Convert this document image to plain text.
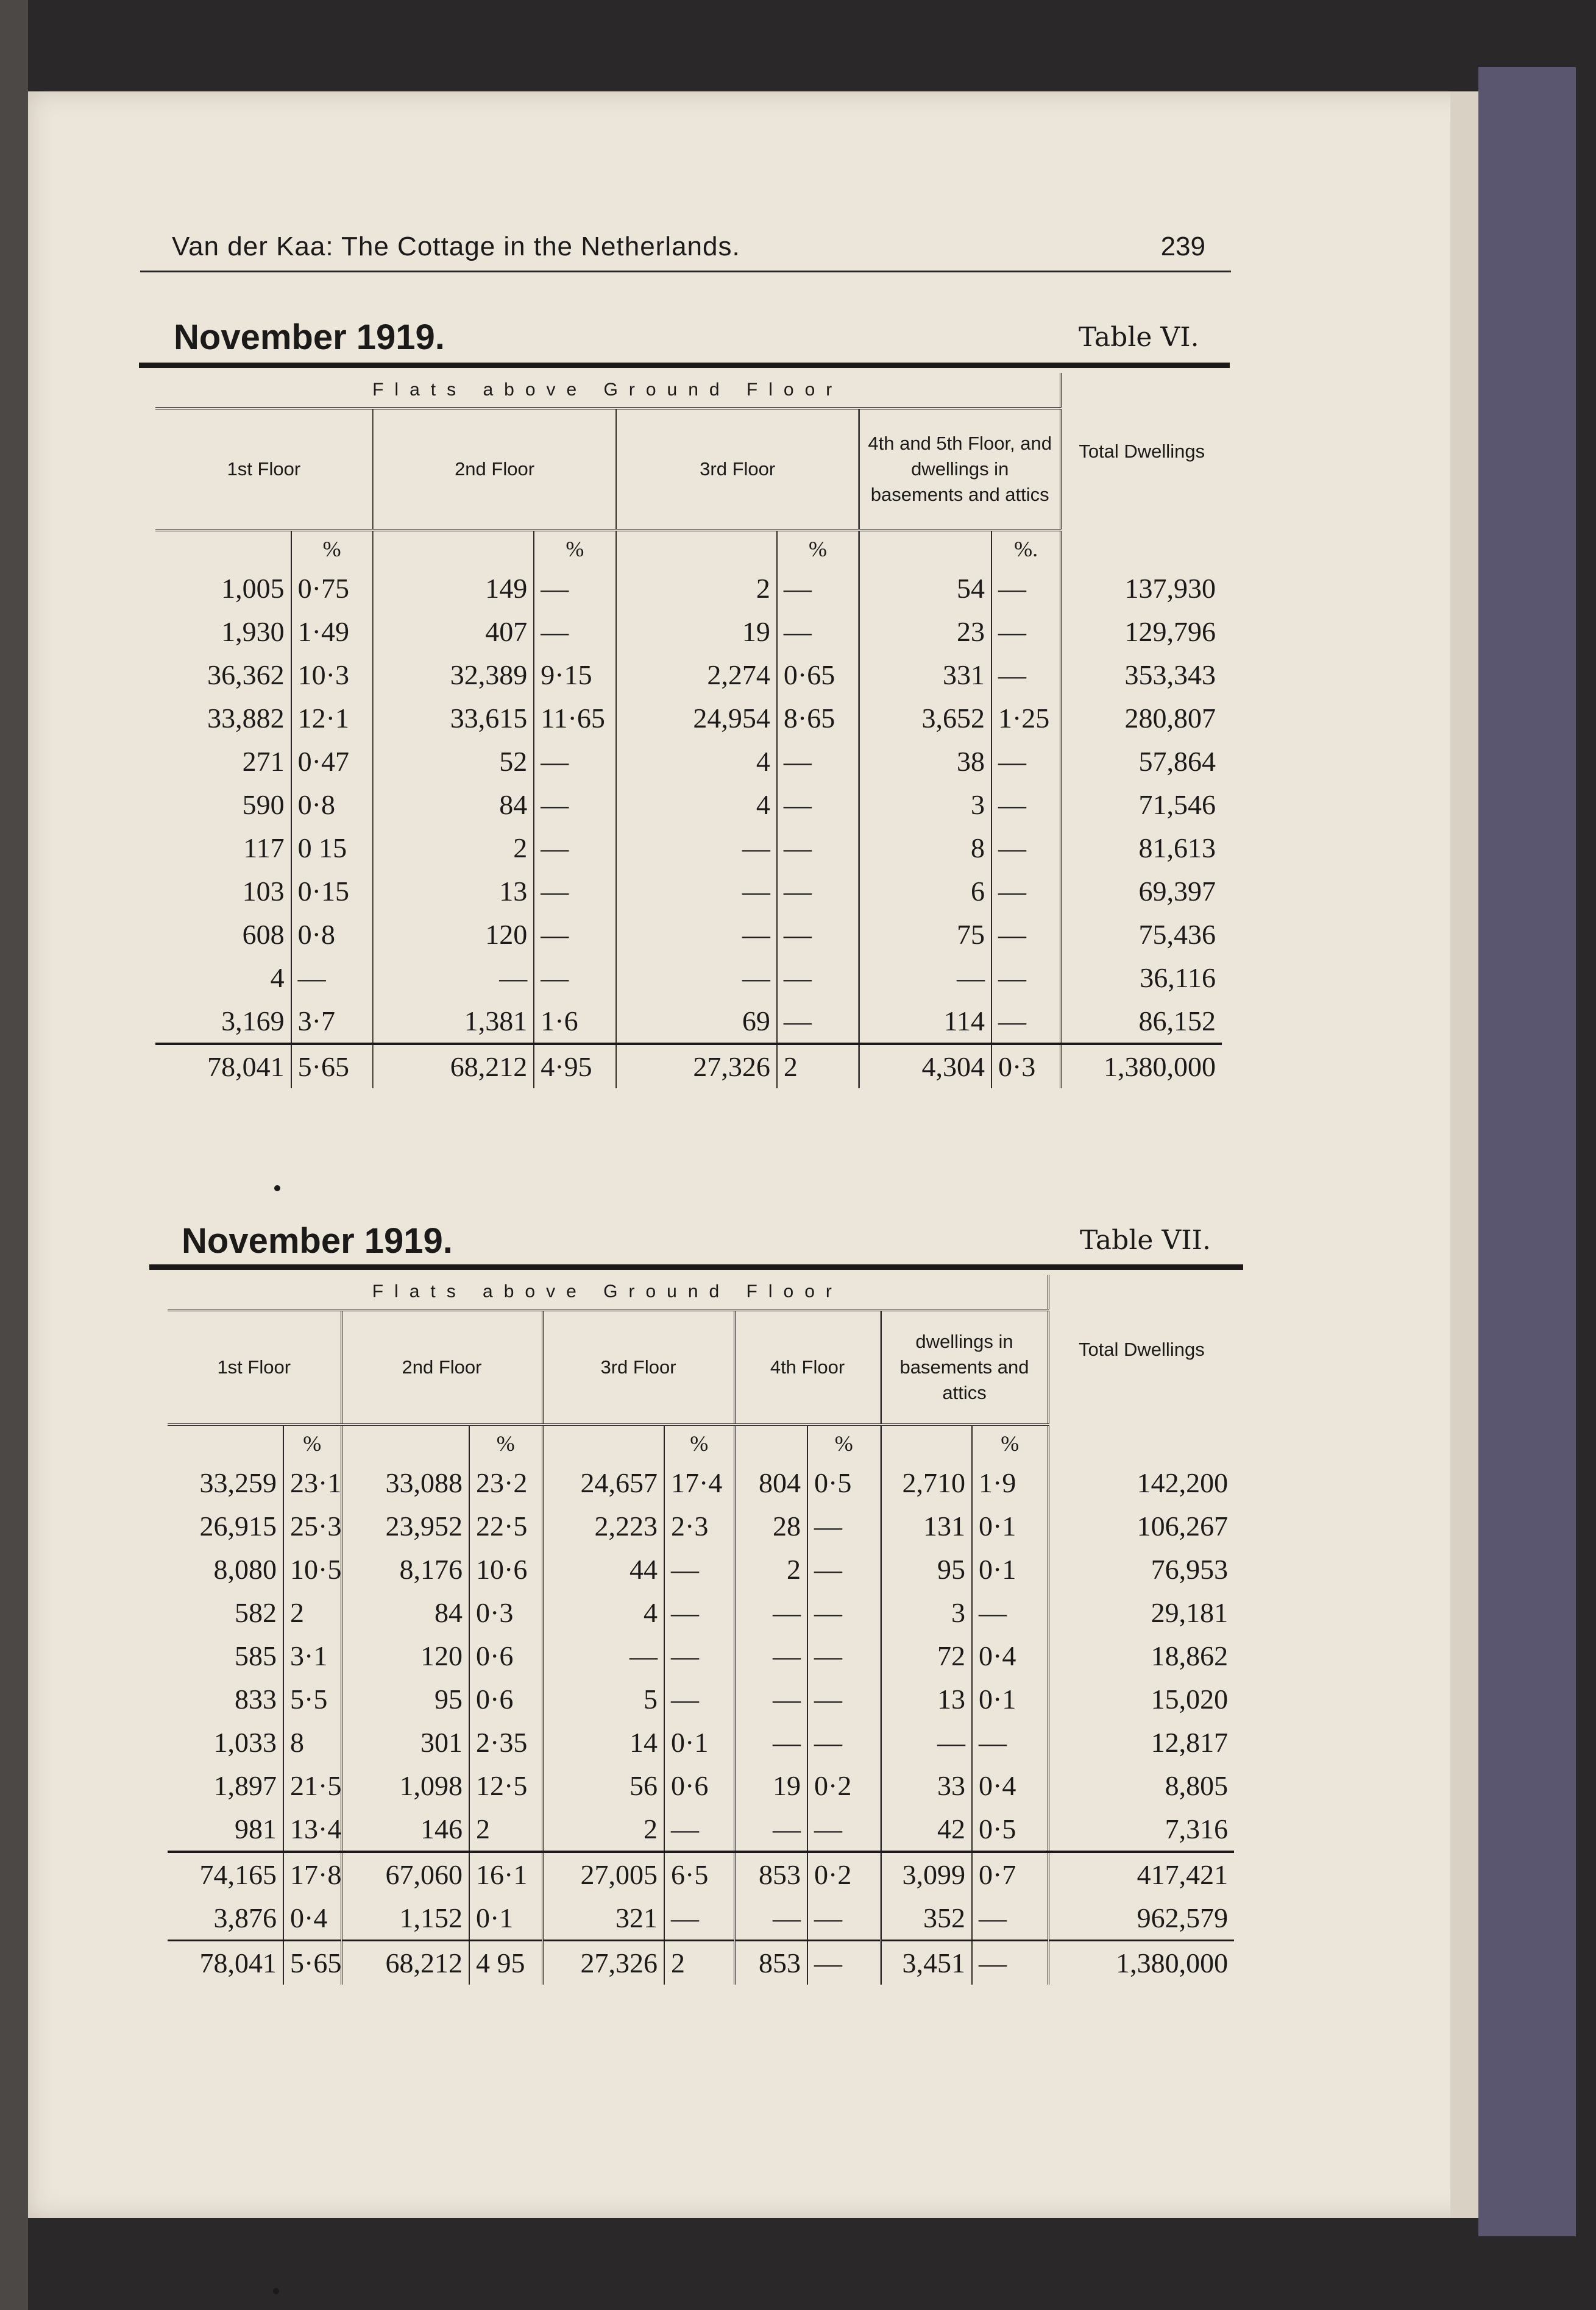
Van der Kaa: The Cottage in the Netherlands.	239
November 1919.	Table VI.
Flats above Ground Floor								Total Dwellings
1st Floor		2nd Floor		3rd Floor		4th and 5th Floor, and dwellings in basements and attics		
	%		%		%		%.	
1,005	0·75	149	—	2	—	54	—	137,930
1,930	1·49	407	—	19	—	23	—	129,796
36,362	10·3	32,389	9·15	2,274	0·65	331	—	353,343
33,882	12·1	33,615	11·65	24,954	8·65	3,652	1·25	280,807
271	0·47	52	—	4	—	38	—	57,864
590	0·8	84	—	4	—	3	—	71,546
117	0 15	2	—	—	—	8	—	81,613
103	0·15	13	—	—	—	6	—	69,397
608	0·8	120	—	—	—	75	—	75,436
4	—	—	—	—	—	—	—	36,116
3,169	3·7	1,381	1·6	69	—	114	—	86,152
78,041	5·65	68,212	4·95	27,326	2	4,304	0·3	1,380,000
November 1919.	Table VII.
Flats above Ground Floor										Total Dwellings
1st Floor		2nd Floor		3rd Floor		4th Floor		dwellings in basements and attics		
	%		%		%		%		%	
33,259	23·1	33,088	23·2	24,657	17·4	804	0·5	2,710	1·9	142,200
26,915	25·3	23,952	22·5	2,223	2·3	28	—	131	0·1	106,267
8,080	10·5	8,176	10·6	44	—	2	—	95	0·1	76,953
582	2	84	0·3	4	—	—	—	3	—	29,181
585	3·1	120	0·6	—	—	—	—	72	0·4	18,862
833	5·5	95	0·6	5	—	—	—	13	0·1	15,020
1,033	8	301	2·35	14	0·1	—	—	—	—	12,817
1,897	21·5	1,098	12·5	56	0·6	19	0·2	33	0·4	8,805
981	13·4	146	2	2	—	—	—	42	0·5	7,316
74,165	17·8	67,060	16·1	27,005	6·5	853	0·2	3,099	0·7	417,421
3,876	0·4	1,152	0·1	321	—	—	—	352	—	962,579
78,041	5·65	68,212	4 95	27,326	2	853	—	3,451	—	1,380,000
